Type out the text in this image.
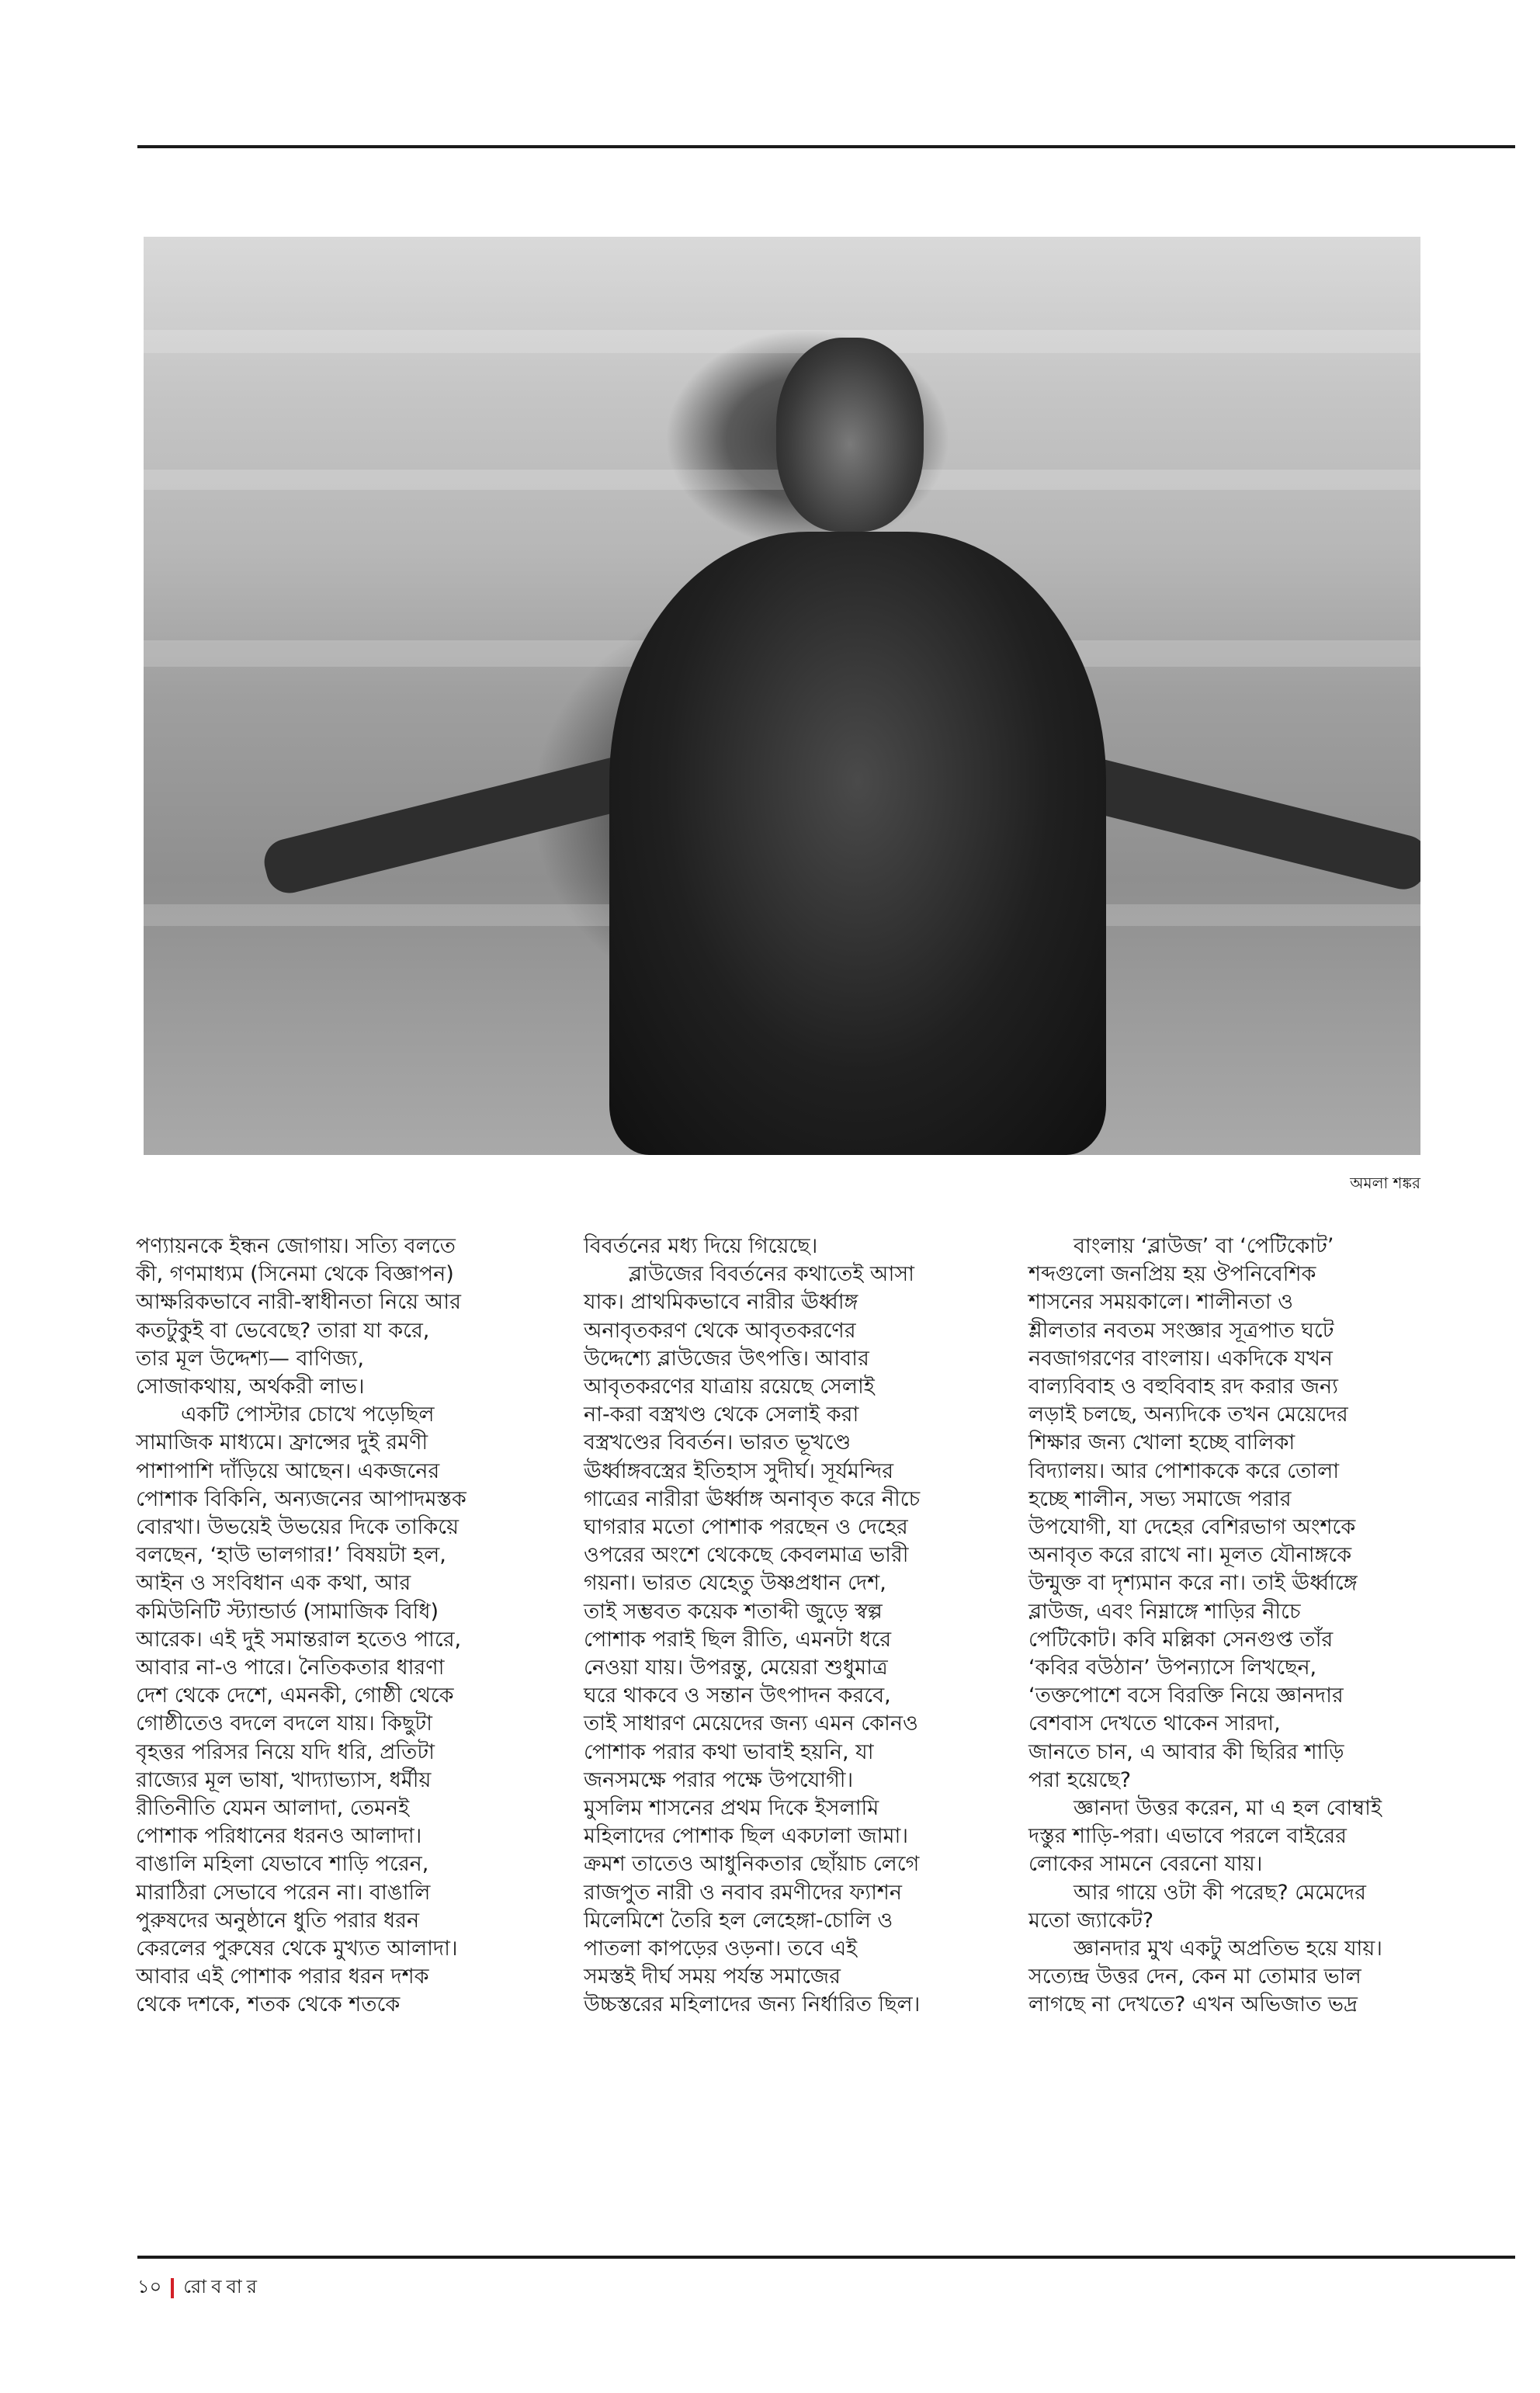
অমলা শঙ্কর

পণ্যায়নকে ইন্ধন জোগায়। সত্যি বলতে

কী, গণমাধ্যম (সিনেমা থেকে বিজ্ঞাপন)

আক্ষরিকভাবে নারী-স্বাধীনতা নিয়ে আর

কতটুকুই বা ভেবেছে? তারা যা করে,

তার মূল উদ্দেশ্য— বাণিজ্য,

সোজাকথায়, অর্থকরী লাভ।

একটি পোস্টার চোখে পড়েছিল

সামাজিক মাধ্যমে। ফ্রান্সের দুই রমণী

পাশাপাশি দাঁড়িয়ে আছেন। একজনের

পোশাক বিকিনি, অন্যজনের আপাদমস্তক

বোরখা। উভয়েই উভয়ের দিকে তাকিয়ে

বলছেন, ‘হাউ ভালগার!’ বিষয়টা হল,

আইন ও সংবিধান এক কথা, আর

কমিউনিটি স্ট্যান্ডার্ড (সামাজিক বিধি)

আরেক। এই দুই সমান্তরাল হতেও পারে,

আবার না-ও পারে। নৈতিকতার ধারণা

দেশ থেকে দেশে, এমনকী, গোষ্ঠী থেকে

গোষ্ঠীতেও বদলে বদলে যায়। কিছুটা

বৃহত্তর পরিসর নিয়ে যদি ধরি, প্রতিটা

রাজ্যের মূল ভাষা, খাদ্যাভ্যাস, ধর্মীয়

রীতিনীতি যেমন আলাদা, তেমনই

পোশাক পরিধানের ধরনও আলাদা।

বাঙালি মহিলা যেভাবে শাড়ি পরেন,

মারাঠিরা সেভাবে পরেন না। বাঙালি

পুরুষদের অনুষ্ঠানে ধুতি পরার ধরন

কেরলের পুরুষের থেকে মুখ্যত আলাদা।

আবার এই পোশাক পরার ধরন দশক

থেকে দশকে, শতক থেকে শতকে

বিবর্তনের মধ্য দিয়ে গিয়েছে।

ব্লাউজের বিবর্তনের কথাতেই আসা

যাক। প্রাথমিকভাবে নারীর ঊর্ধ্বাঙ্গ

অনাবৃতকরণ থেকে আবৃতকরণের

উদ্দেশ্যে ব্লাউজের উৎপত্তি। আবার

আবৃতকরণের যাত্রায় রয়েছে সেলাই

না-করা বস্ত্রখণ্ড থেকে সেলাই করা

বস্ত্রখণ্ডের বিবর্তন। ভারত ভূখণ্ডে

ঊর্ধ্বাঙ্গবস্ত্রের ইতিহাস সুদীর্ঘ। সূর্যমন্দির

গাত্রের নারীরা ঊর্ধ্বাঙ্গ অনাবৃত করে নীচে

ঘাগরার মতো পোশাক পরছেন ও দেহের

ওপরের অংশে থেকেছে কেবলমাত্র ভারী

গয়না। ভারত যেহেতু উষ্ণপ্রধান দেশ,

তাই সম্ভবত কয়েক শতাব্দী জুড়ে স্বল্প

পোশাক পরাই ছিল রীতি, এমনটা ধরে

নেওয়া যায়। উপরন্তু, মেয়েরা শুধুমাত্র

ঘরে থাকবে ও সন্তান উৎপাদন করবে,

তাই সাধারণ মেয়েদের জন্য এমন কোনও

পোশাক পরার কথা ভাবাই হয়নি, যা

জনসমক্ষে পরার পক্ষে উপযোগী।

মুসলিম শাসনের প্রথম দিকে ইসলামি

মহিলাদের পোশাক ছিল একঢালা জামা।

ক্রমশ তাতেও আধুনিকতার ছোঁয়াচ লেগে

রাজপুত নারী ও নবাব রমণীদের ফ্যাশন

মিলেমিশে তৈরি হল লেহেঙ্গা-চোলি ও

পাতলা কাপড়ের ওড়না। তবে এই

সমস্তই দীর্ঘ সময় পর্যন্ত সমাজের

উচ্চস্তরের মহিলাদের জন্য নির্ধারিত ছিল।

বাংলায় ‘ব্লাউজ’ বা ‘পেটিকোট’

শব্দগুলো জনপ্রিয় হয় ঔপনিবেশিক

শাসনের সময়কালে। শালীনতা ও

শ্লীলতার নবতম সংজ্ঞার সূত্রপাত ঘটে

নবজাগরণের বাংলায়। একদিকে যখন

বাল্যবিবাহ ও বহুবিবাহ রদ করার জন্য

লড়াই চলছে, অন্যদিকে তখন মেয়েদের

শিক্ষার জন্য খোলা হচ্ছে বালিকা

বিদ্যালয়। আর পোশাককে করে তোলা

হচ্ছে শালীন, সভ্য সমাজে পরার

উপযোগী, যা দেহের বেশিরভাগ অংশকে

অনাবৃত করে রাখে না। মূলত যৌনাঙ্গকে

উন্মুক্ত বা দৃশ্যমান করে না। তাই ঊর্ধ্বাঙ্গে

ব্লাউজ, এবং নিম্নাঙ্গে শাড়ির নীচে

পেটিকোট। কবি মল্লিকা সেনগুপ্ত তাঁর

‘কবির বউঠান’ উপন্যাসে লিখছেন,

‘তক্তপোশে বসে বিরক্তি নিয়ে জ্ঞানদার

বেশবাস দেখতে থাকেন সারদা,

জানতে চান, এ আবার কী ছিরির শাড়ি

পরা হয়েছে?

জ্ঞানদা উত্তর করেন, মা এ হল বোম্বাই

দস্তুর শাড়ি-পরা। এভাবে পরলে বাইরের

লোকের সামনে বেরনো যায়।

আর গায়ে ওটা কী পরেছ? মেমেদের

মতো জ্যাকেট?

জ্ঞানদার মুখ একটু অপ্রতিভ হয়ে যায়।

সত্যেন্দ্র উত্তর দেন, কেন মা তোমার ভাল

লাগছে না দেখতে? এখন অভিজাত ভদ্র

১০ রোববার
